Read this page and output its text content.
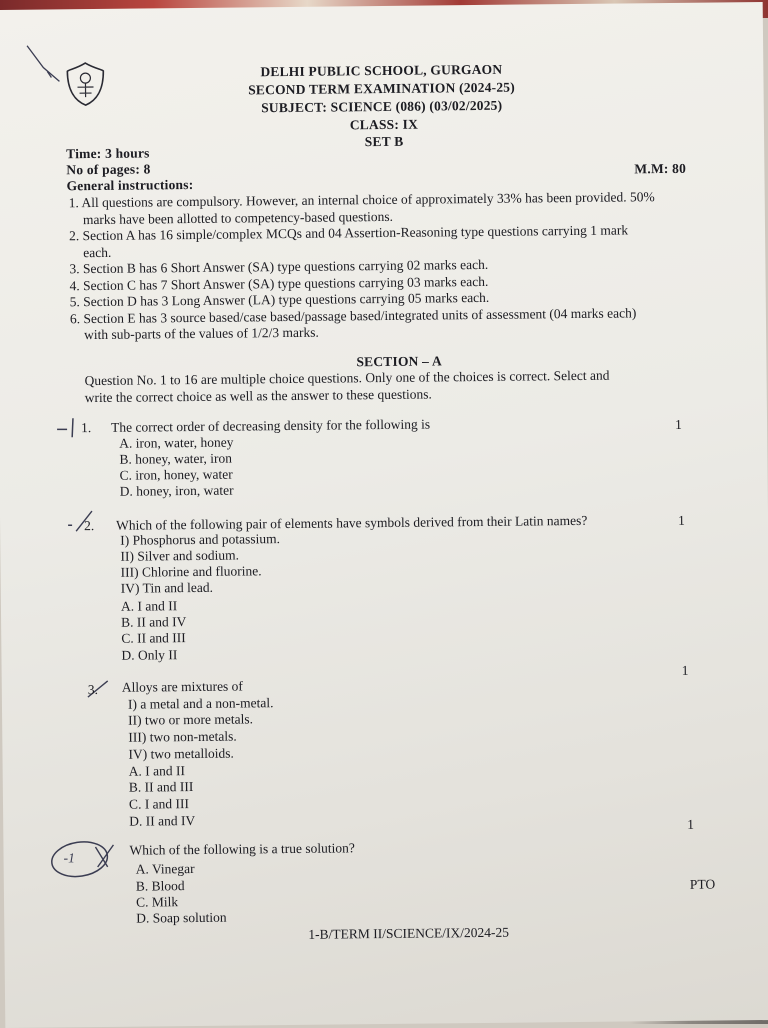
DELHI PUBLIC SCHOOL, GURGAON
SECOND TERM EXAMINATION (2024-25)
SUBJECT: SCIENCE (086) (03/02/2025)
CLASS: IX
SET B
Time: 3 hours
No of pages: 8	M.M: 80
General instructions:
1. All questions are compulsory. However, an internal choice of approximately 33% has been provided. 50%
marks have been allotted to competency-based questions.
2. Section A has 16 simple/complex MCQs and 04 Assertion-Reasoning type questions carrying 1 mark
each.
3. Section B has 6 Short Answer (SA) type questions carrying 02 marks each.
4. Section C has 7 Short Answer (SA) type questions carrying 03 marks each.
5. Section D has 3 Long Answer (LA) type questions carrying 05 marks each.
6. Section E has 3 source based/case based/passage based/integrated units of assessment (04 marks each)
with sub-parts of the values of 1/2/3 marks.
SECTION – A
Question No. 1 to 16 are multiple choice questions. Only one of the choices is correct. Select and
write the correct choice as well as the answer to these questions.
1. The correct order of decreasing density for the following is	1
A. iron, water, honey
B. honey, water, iron
C. iron, honey, water
D. honey, iron, water
2. Which of the following pair of elements have symbols derived from their Latin names?	1
I) Phosphorus and potassium.
II) Silver and sodium.
III) Chlorine and fluorine.
IV) Tin and lead.
A. I and II
B. II and IV
C. II and III
D. Only II
3. Alloys are mixtures of
1
I) a metal and a non-metal.
II) two or more metals.
III) two non-metals.
IV) two metalloids.
A. I and II
B. II and III
C. I and III
D. II and IV
-1
Which of the following is a true solution?
1
A. Vinegar
B. Blood
C. Milk
D. Soap solution
PTO
1-B/TERM II/SCIENCE/IX/2024-25
